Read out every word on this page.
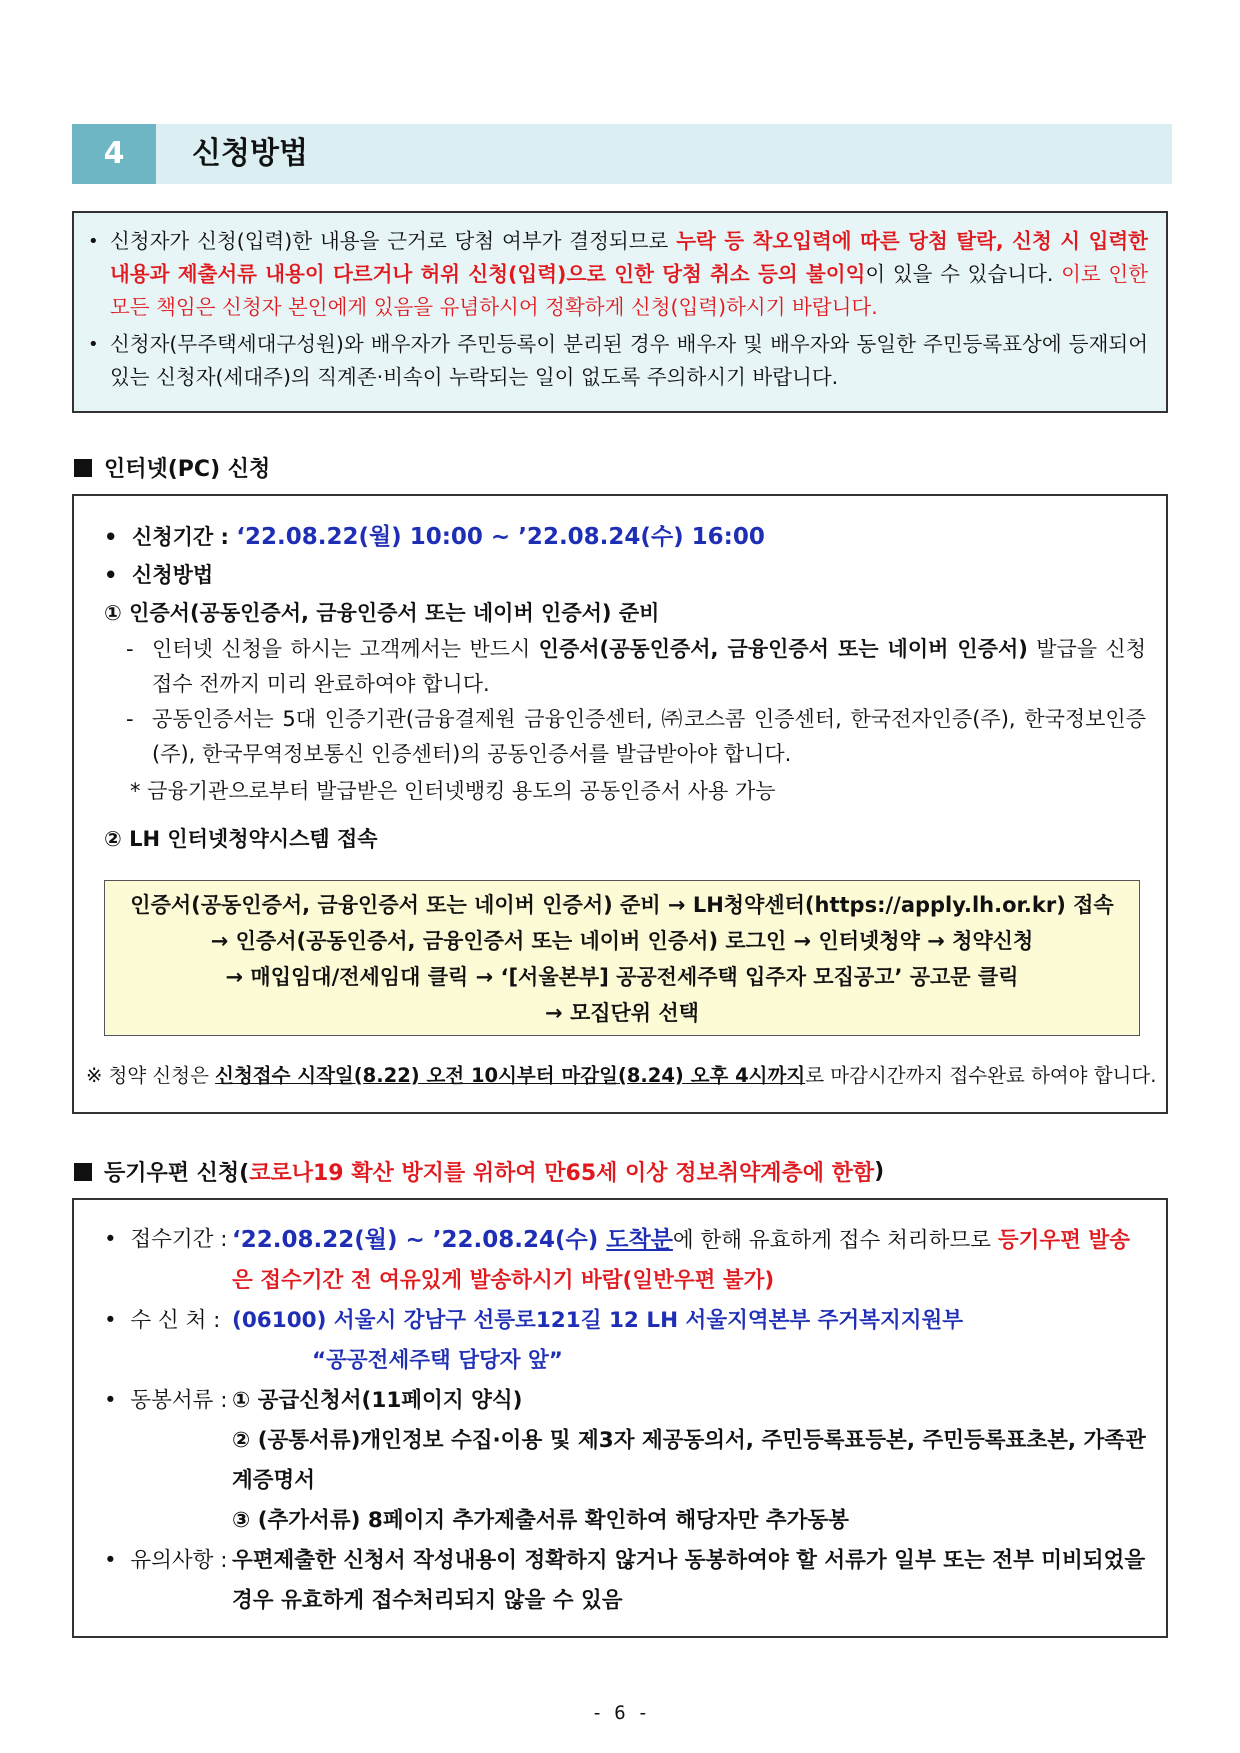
4	신청방법
• 신청자가 신청(입력)한 내용을 근거로 당첨 여부가 결정되므로 누락 등 착오입력에 따른 당첨 탈락, 신청 시 입력한 내용과 제출서류 내용이 다르거나 허위 신청(입력)으로 인한 당첨 취소 등의 불이익이 있을 수 있습니다. 이로 인한 모든 책임은 신청자 본인에게 있음을 유념하시어 정확하게 신청(입력)하시기 바랍니다.
• 신청자(무주택세대구성원)와 배우자가 주민등록이 분리된 경우 배우자 및 배우자와 동일한 주민등록표상에 등재되어 있는 신청자(세대주)의 직계존·비속이 누락되는 일이 없도록 주의하시기 바랍니다.
인터넷(PC) 신청
•  신청기간 : ‘22.08.22(월) 10:00 ~ ’22.08.24(수) 16:00
•  신청방법
① 인증서(공동인증서, 금융인증서 또는 네이버 인증서) 준비
- 인터넷 신청을 하시는 고객께서는 반드시 인증서(공동인증서, 금융인증서 또는 네이버 인증서) 발급을 신청접수 전까지 미리 완료하여야 합니다.
- 공동인증서는 5대 인증기관(금융결제원 금융인증센터, ㈜코스콤 인증센터, 한국전자인증(주), 한국정보인증(주), 한국무역정보통신 인증센터)의 공동인증서를 발급받아야 합니다.
* 금융기관으로부터 발급받은 인터넷뱅킹 용도의 공동인증서 사용 가능
② LH 인터넷청약시스템 접속
인증서(공동인증서, 금융인증서 또는 네이버 인증서) 준비 → LH청약센터(https://apply.lh.or.kr) 접속
→ 인증서(공동인증서, 금융인증서 또는 네이버 인증서) 로그인 → 인터넷청약 → 청약신청
→ 매입임대/전세임대 클릭 → ‘[서울본부] 공공전세주택 입주자 모집공고’ 공고문 클릭
→ 모집단위 선택
※ 청약 신청은 신청접수 시작일(8.22) 오전 10시부터 마감일(8.24) 오후 4시까지로 마감시간까지 접수완료 하여야 합니다.
등기우편 신청( 코로나19 확산 방지를 위하여 만65세 이상 정보취약계층에 한함 )
•  접수기간 : ‘22.08.22(월) ~ ’22.08.24(수) 도착분에 한해 유효하게 접수 처리하므로 등기우편 발송은 접수기간 전 여유있게 발송하시기 바람(일반우편 불가)
•  수 신 처 : (06100) 서울시 강남구 선릉로121길 12 LH 서울지역본부 주거복지지원부
“공공전세주택 담당자 앞”
•  동봉서류 : ① 공급신청서(11페이지 양식)
② (공통서류)개인정보 수집·이용 및 제3자 제공동의서, 주민등록표등본, 주민등록표초본, 가족관계증명서
③ (추가서류) 8페이지 추가제출서류 확인하여 해당자만 추가동봉
•  유의사항 : 우편제출한 신청서 작성내용이 정확하지 않거나 동봉하여야 할 서류가 일부 또는 전부 미비되었을 경우 유효하게 접수처리되지 않을 수 있음
- 6 -
